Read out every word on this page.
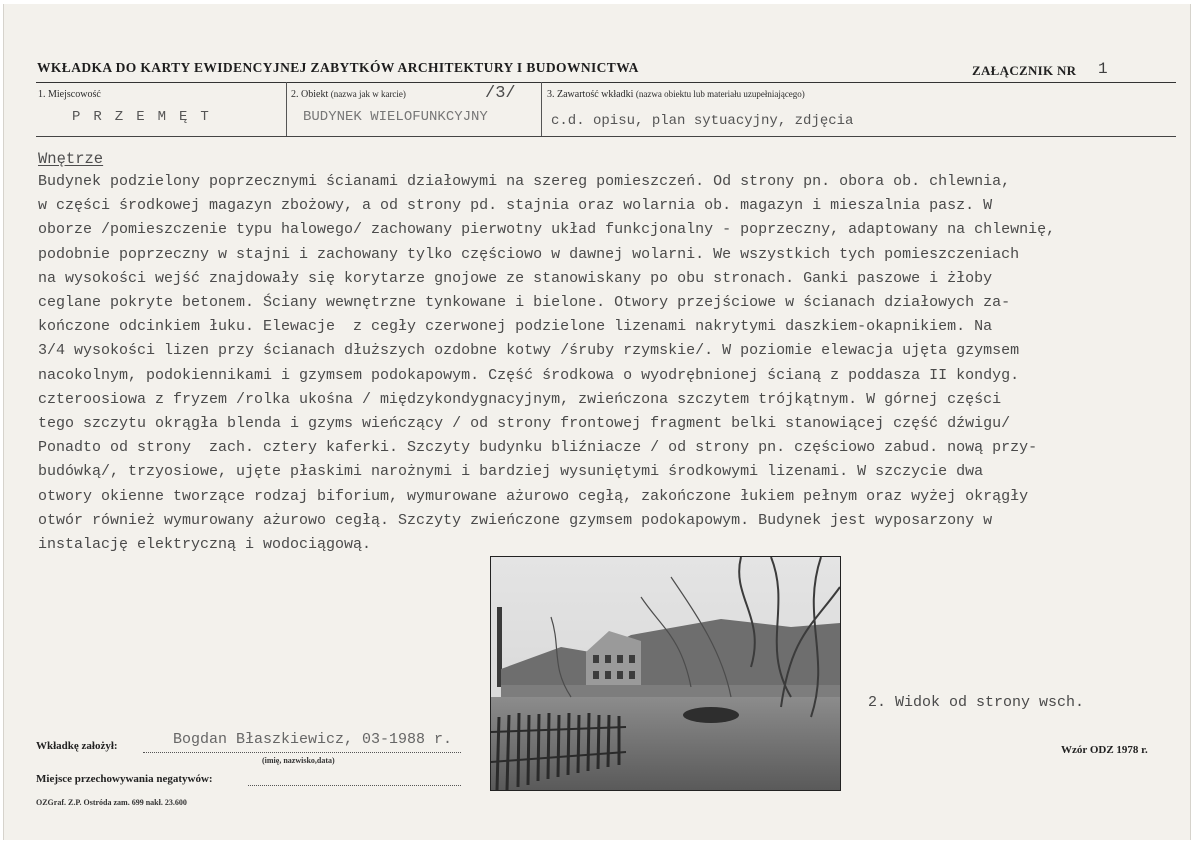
WKŁADKA DO KARTY EWIDENCYJNEJ ZABYTKÓW ARCHITEKTURY I BUDOWNICTWA	ZAŁĄCZNIK NR 1
1. Miejscowość
PRZEMĘT
2. Obiekt (nazwa jak w karcie)	/3/
BUDYNEK WIELOFUNKCYJNY
3. Zawartość wkładki (nazwa obiektu lub materiału uzupełniającego)
c.d. opisu, plan sytuacyjny, zdjęcia
Wnętrze
Budynek podzielony poprzecznymi ścianami działowymi na szereg pomieszczeń. Od strony pn. obora ob. chlewnia,
w części środkowej magazyn zbożowy, a od strony pd. stajnia oraz wolarnia ob. magazyn i mieszalnia pasz. W
oborze /pomieszczenie typu halowego/ zachowany pierwotny układ funkcjonalny - poprzeczny, adaptowany na chlewnię,
podobnie poprzeczny w stajni i zachowany tylko częściowo w dawnej wolarni. We wszystkich tych pomieszczeniach
na wysokości wejść znajdowały się korytarze gnojowe ze stanowiskany po obu stronach. Ganki paszowe i żłoby
ceglane pokryte betonem. Ściany wewnętrzne tynkowane i bielone. Otwory przejściowe w ścianach działowych za-
kończone odcinkiem łuku. Elewacje  z cegły czerwonej podzielone lizenami nakrytymi daszkiem-okapnikiem. Na
3/4 wysokości lizen przy ścianach dłuższych ozdobne kotwy /śruby rzymskie/. W poziomie elewacja ujęta gzymsem
nacokolnym, podokiennikami i gzymsem podokapowym. Część środkowa o wyodrębnionej ścianą z poddasza II kondyg.
czteroosiowa z fryzem /rolka ukośna / międzykondygnacyjnym, zwieńczona szczytem trójkątnym. W górnej części
tego szczytu okrągła blenda i gzyms wieńczący / od strony frontowej fragment belki stanowiącej część dźwigu/
Ponadto od strony  zach. cztery kaferki. Szczyty budynku bliźniacze / od strony pn. częściowo zabud. nową przy-
budówką/, trzyosiowe, ujęte płaskimi narożnymi i bardziej wysuniętymi środkowymi lizenami. W szczycie dwa
otwory okienne tworzące rodzaj biforium, wymurowane ażurowo cegłą, zakończone łukiem pełnym oraz wyżej okrągły
otwór również wymurowany ażurowo cegłą. Szczyty zwieńczone gzymsem podokapowym. Budynek jest wyposarzony w
instalację elektryczną i wodociągową.
2. Widok od strony wsch.
Wkładkę założył:	Bogdan Błaszkiewicz, 03-1988 r.
(imię, nazwisko,data)
Miejsce przechowywania negatywów:
Wzór ODZ 1978 r.
OZGraf. Z.P. Ostróda zam. 699 nakł. 23.600
